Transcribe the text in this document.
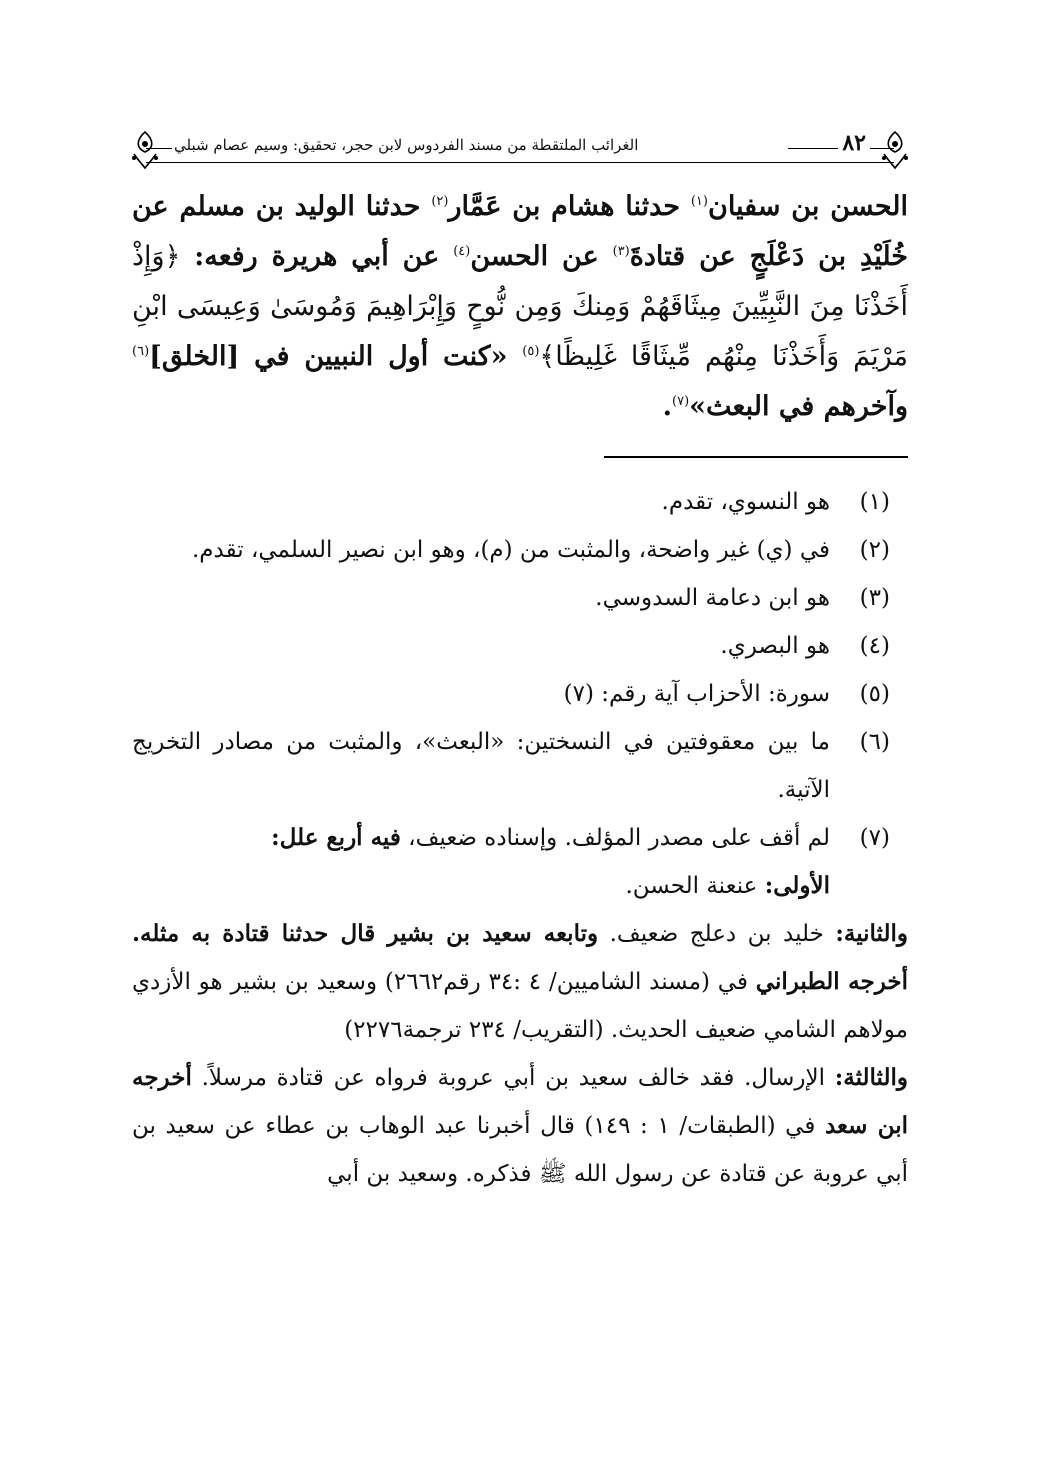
٨٢
الغرائب الملتقطة من مسند الفردوس لابن حجر، تحقيق: وسيم عصام شبلي

الحسن بن سفيان$^{(١)}$ حدثنا هشام بن عَمَّار$^{(٢)}$ حدثنا الوليد بن مسلم عن خُلَيْدِ بن دَعْلَجٍ عن قتادةَ$^{(٣)}$ عن الحسن$^{(٤)}$ عن أبي هريرة رفعه: ﴿وَإِذْ أَخَذْنَا مِنَ النَّبِيِّينَ مِيثَاقَهُمْ وَمِنكَ وَمِن نُّوحٍ وَإِبْرَاهِيمَ وَمُوسَىٰ وَعِيسَى ابْنِ مَرْيَمَ وَأَخَذْنَا مِنْهُم مِّيثَاقًا غَلِيظًا﴾$^{(٥)}$ «كنت أول النبيين في [الخلق]$^{(٦)}$ وآخرهم في البعث»$^{(٧)}$.

(١)
هو النسوي، تقدم.
(٢)
في (ي) غير واضحة، والمثبت من (م)، وهو ابن نصير السلمي، تقدم.
(٣)
هو ابن دعامة السدوسي.
(٤)
هو البصري.
(٥)
سورة: الأحزاب آية رقم: (٧)
(٦)
ما بين معقوفتين في النسختين: «البعث»، والمثبت من مصادر التخريج الآتية.
(٧)
لم أقف على مصدر المؤلف. وإسناده ضعيف، فيه أربع علل:

الأولى: عنعنة الحسن.

والثانية: خليد بن دعلج ضعيف. وتابعه سعيد بن بشير قال حدثنا قتادة به مثله. أخرجه الطبراني في (مسند الشاميين/ ٤ :٣٤ رقم٢٦٦٢) وسعيد بن بشير هو الأزدي مولاهم الشامي ضعيف الحديث. (التقريب/ ٢٣٤ ترجمة٢٢٧٦)

والثالثة: الإرسال. فقد خالف سعيد بن أبي عروبة فرواه عن قتادة مرسلاً. أخرجه ابن سعد في (الطبقات/ ١ : ١٤٩) قال أخبرنا عبد الوهاب بن عطاء عن سعيد بن أبي عروبة عن قتادة عن رسول الله ﷺ فذكره. وسعيد بن أبي
